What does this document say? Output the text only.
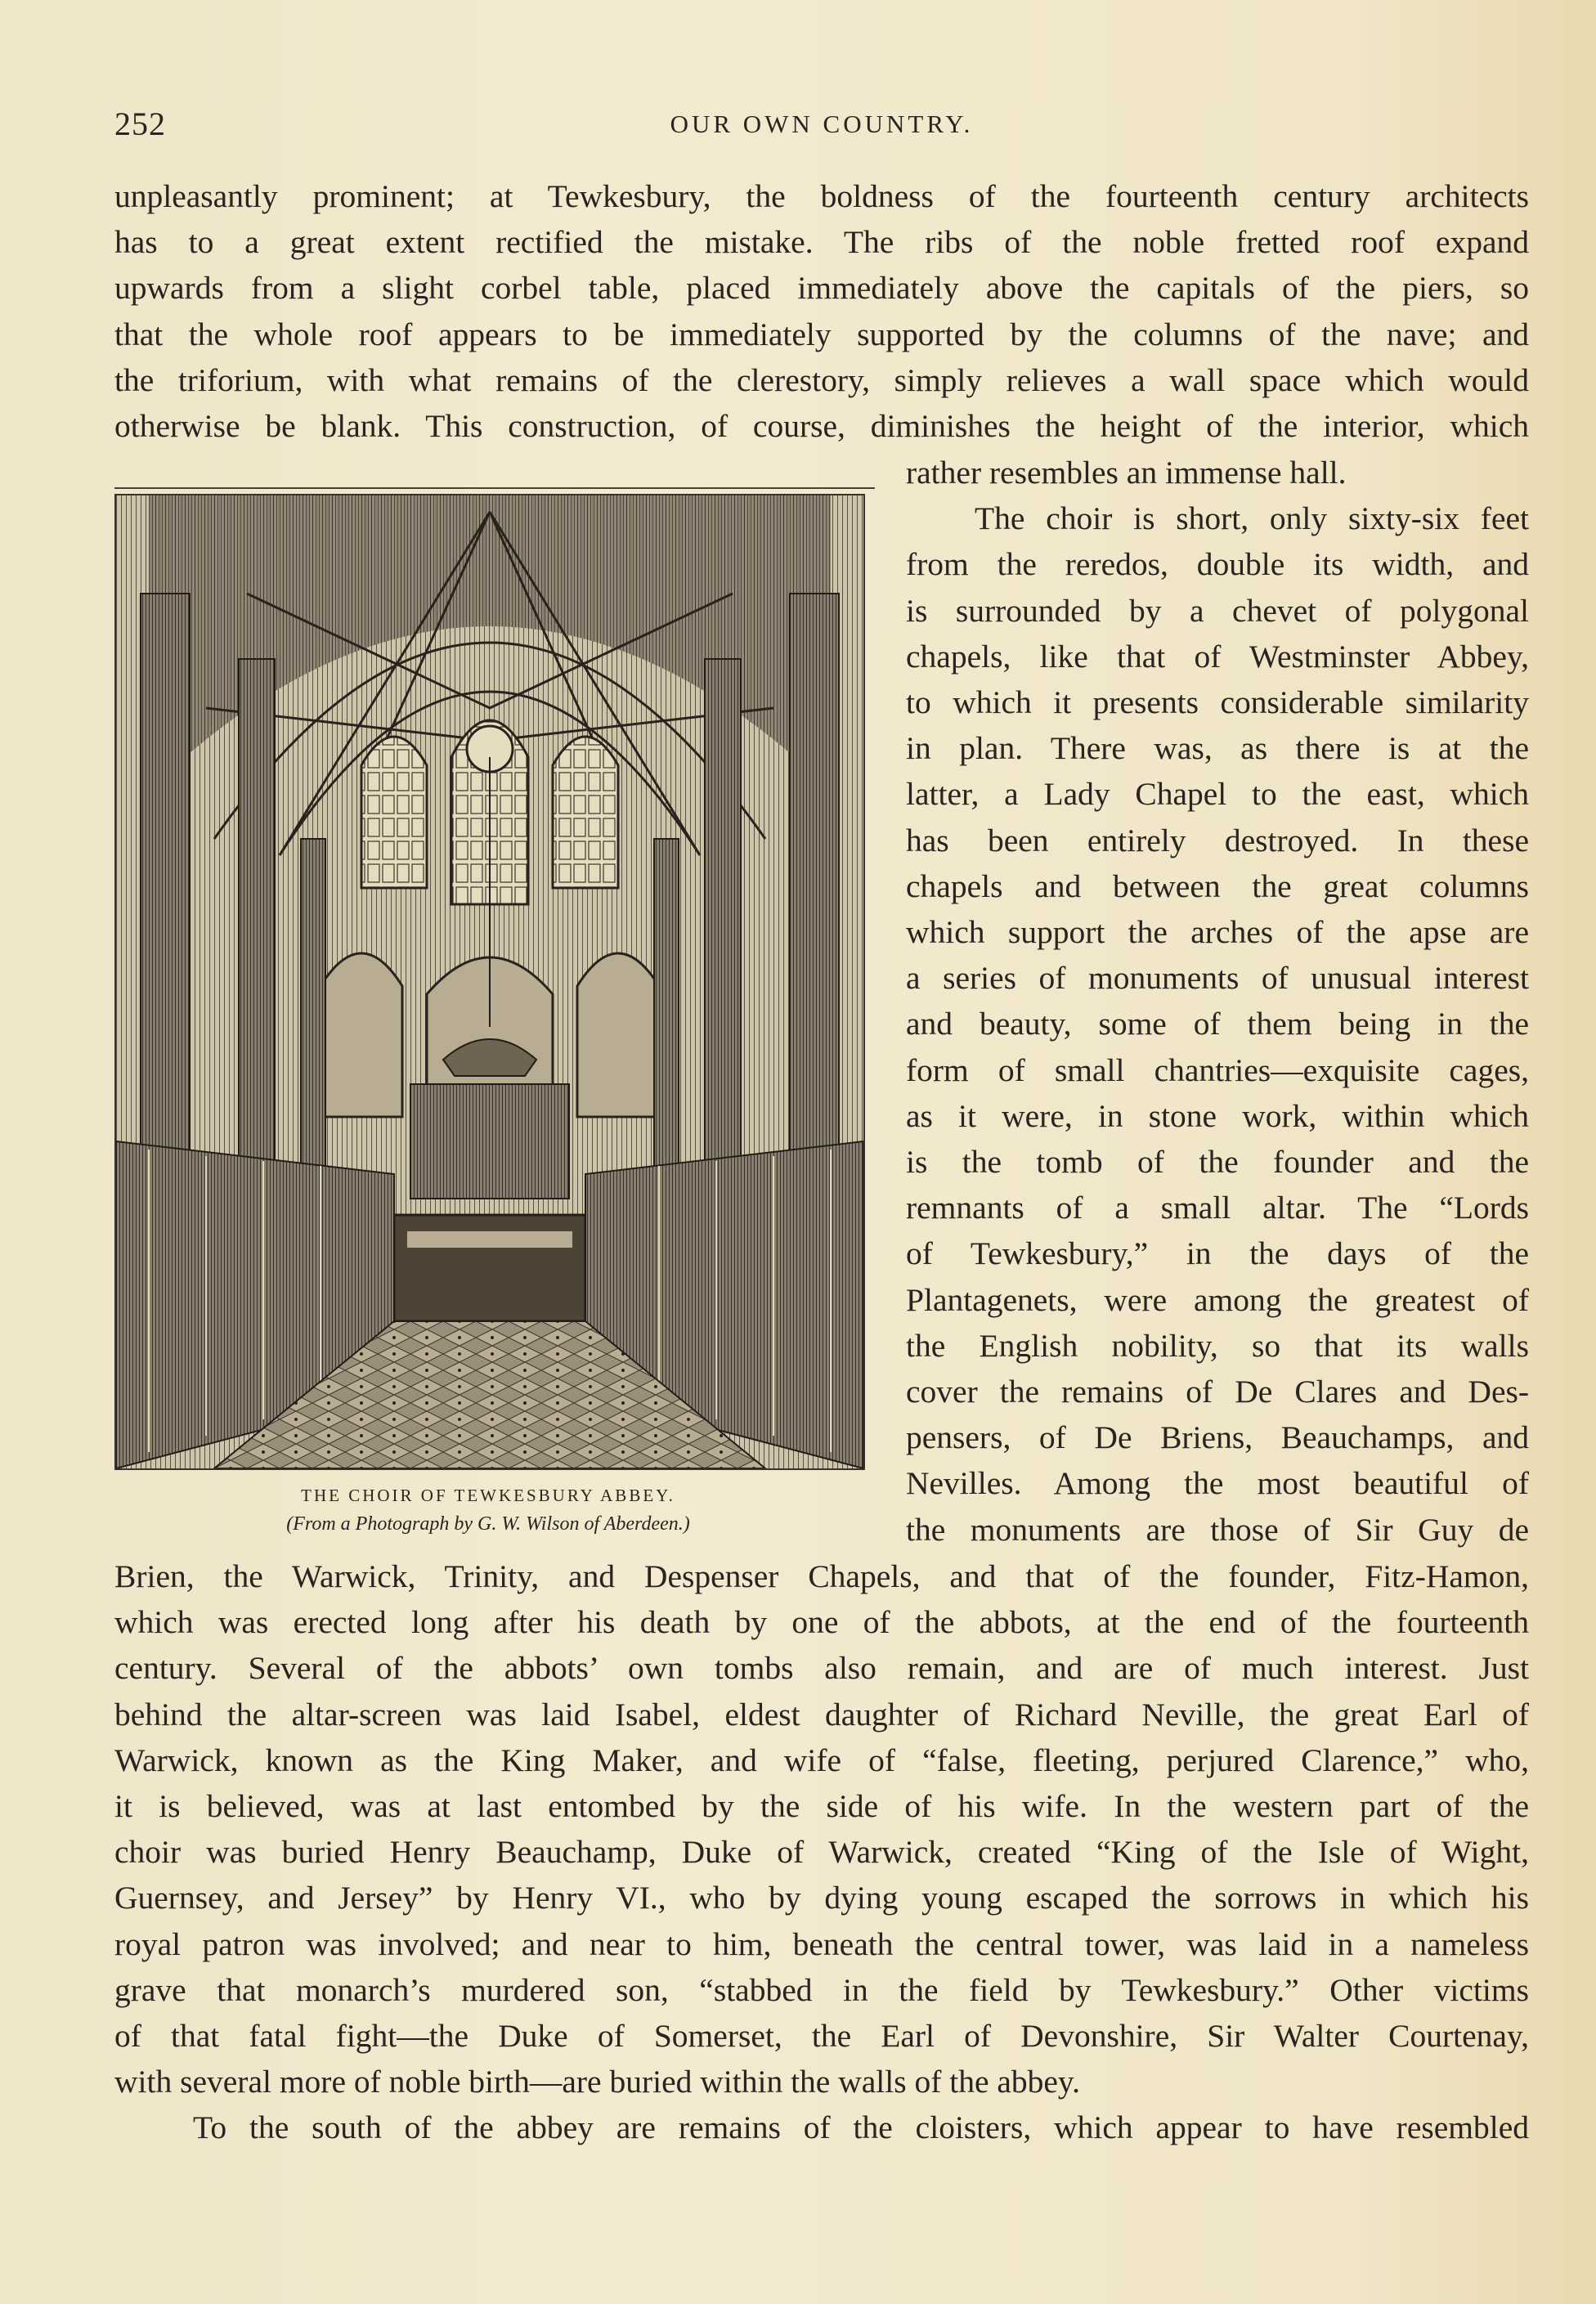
252	OUR OWN COUNTRY.

unpleasantly prominent; at Tewkesbury, the boldness of the fourteenth century architects

has to a great extent rectified the mistake. The ribs of the noble fretted roof expand

upwards from a slight corbel table, placed immediately above the capitals of the piers, so

that the whole roof appears to be immediately supported by the columns of the nave; and

the triforium, with what remains of the clerestory, simply relieves a wall space which would

otherwise be blank. This construction, of course, diminishes the height of the interior, which

THE CHOIR OF TEWKESBURY ABBEY.
(From a Photograph by G. W. Wilson of Aberdeen.)

rather resembles an immense hall.

The choir is short, only sixty-six feet

from the reredos, double its width, and

is surrounded by a chevet of polygonal

chapels, like that of Westminster Abbey,

to which it presents considerable similarity

in plan. There was, as there is at the

latter, a Lady Chapel to the east, which

has been entirely destroyed. In these

chapels and between the great columns

which support the arches of the apse are

a series of monuments of unusual interest

and beauty, some of them being in the

form of small chantries—exquisite cages,

as it were, in stone work, within which

is the tomb of the founder and the

remnants of a small altar. The “Lords

of Tewkesbury,” in the days of the

Plantagenets, were among the greatest of

the English nobility, so that its walls

cover the remains of De Clares and Des-

pensers, of De Briens, Beauchamps, and

Nevilles. Among the most beautiful of

the monuments are those of Sir Guy de

Brien, the Warwick, Trinity, and Despenser Chapels, and that of the founder, Fitz-Hamon,

which was erected long after his death by one of the abbots, at the end of the fourteenth

century. Several of the abbots’ own tombs also remain, and are of much interest. Just

behind the altar-screen was laid Isabel, eldest daughter of Richard Neville, the great Earl of

Warwick, known as the King Maker, and wife of “false, fleeting, perjured Clarence,” who,

it is believed, was at last entombed by the side of his wife. In the western part of the

choir was buried Henry Beauchamp, Duke of Warwick, created “King of the Isle of Wight,

Guernsey, and Jersey” by Henry VI., who by dying young escaped the sorrows in which his

royal patron was involved; and near to him, beneath the central tower, was laid in a nameless

grave that monarch’s murdered son, “stabbed in the field by Tewkesbury.” Other victims

of that fatal fight—the Duke of Somerset, the Earl of Devonshire, Sir Walter Courtenay,

with several more of noble birth—are buried within the walls of the abbey.

To the south of the abbey are remains of the cloisters, which appear to have resembled
